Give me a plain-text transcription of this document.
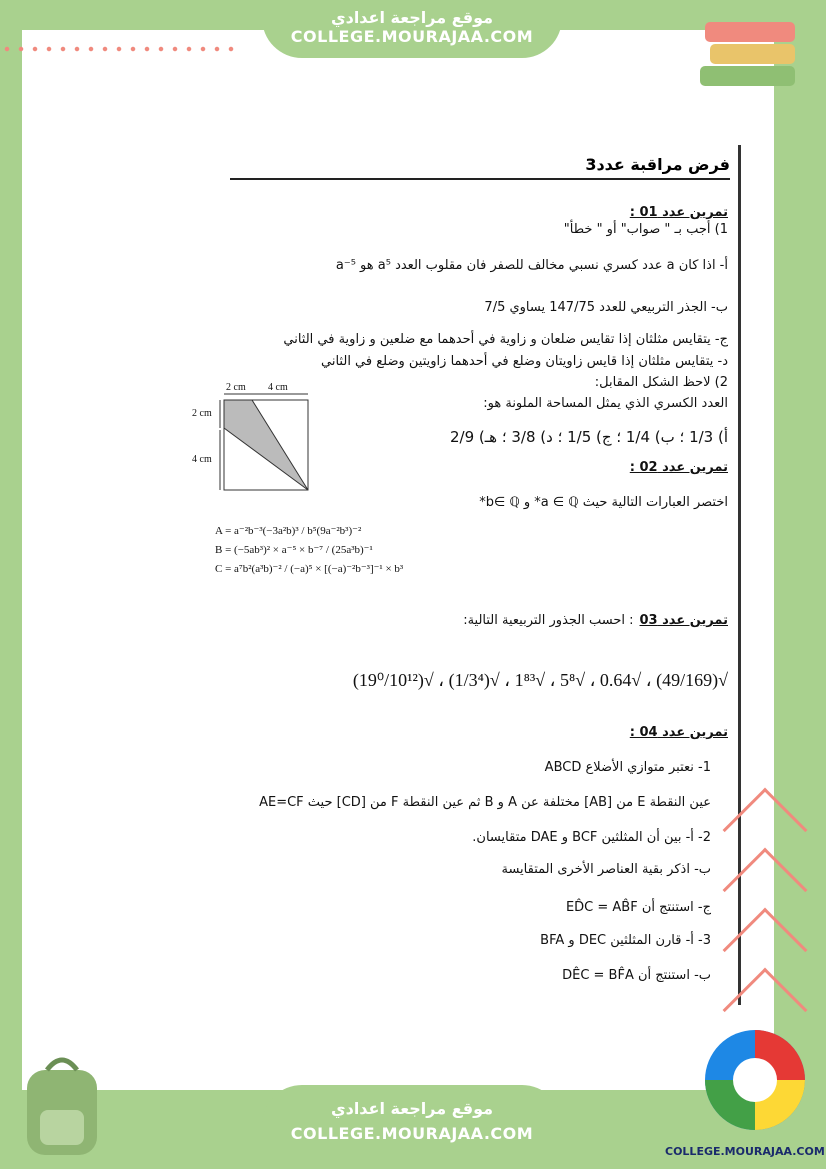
موقع مراجعة اعدادي
COLLEGE.MOURAJAA.COM
فرض مراقبة عدد3
تمرين عدد 01 :
1) أجب بـ " صواب" أو " خطأ"
أ- اذا كان a عدد كسري نسبي مخالف للصفر فان مقلوب العدد a⁵ هو a⁻⁵
ب- الجذر التربيعي للعدد 147/75 يساوي 7/5
ج- يتقايس مثلثان إذا تقايس ضلعان و زاوية في أحدهما مع ضلعين و زاوية في الثاني
د- يتقايس مثلثان إذا قايس زاويتان وضلع في أحدهما زاويتين وضلع في الثاني
2) لاحظ الشكل المقابل:
العدد الكسري الذي يمثل المساحة الملونة هو:
أ) 1/3 ؛ ب) 1/4 ؛ ج) 1/5 ؛ د) 3/8 ؛ هـ) 2/9
2 cm 4 cm
2 cm
4 cm
تمرين عدد 02 :
اختصر العبارات التالية حيث a ∈ ℚ* و b∈ ℚ*
A = a⁻²b⁻³(−3a²b)³ / b⁵(9a⁻²b³)⁻²
B = (−5ab³)² × a⁻⁵ × b⁻⁷ / (25a³b)⁻¹
C = a⁷b²(a³b)⁻² / (−a)⁵ × [(−a)⁻²b⁻³]⁻¹ × b³
تمرين عدد 03
: احسب الجذور التربيعية التالية:
√(49/169) ، √0.64 ، √5⁸ ، √1⁸³ ، √(1/3⁴) ، √(19⁰/10¹²)
تمرين عدد 04 :
1- نعتبر متوازي الأضلاع ABCD
عين النقطة E من [AB] مختلفة عن A و B ثم عين النقطة F من [CD] حيث AE=CF
2- أ- بين أن المثلثين BCF و DAE متقايسان.
ب- اذكر بقية العناصر الأخرى المتقايسة
ج- استنتج أن ED̂C = AB̂F
3- أ- قارن المثلثين DEC و BFA
ب- استنتج أن DÊC = BF̂A
COLLEGE.MOURAJAA.COM
موقع مراجعة اعدادي
COLLEGE.MOURAJAA.COM
